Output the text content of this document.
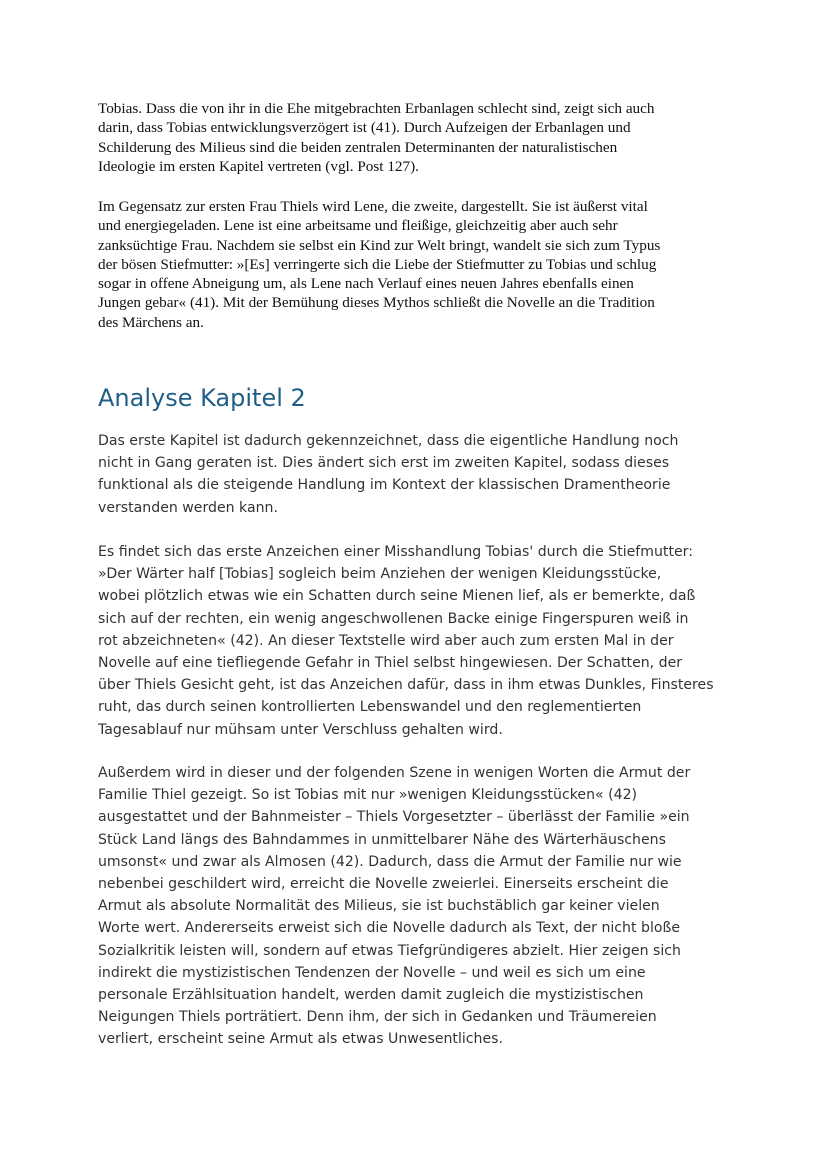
Tobias. Dass die von ihr in die Ehe mitgebrachten Erbanlagen schlecht sind, zeigt sich auch
darin, dass Tobias entwicklungsverzögert ist (41). Durch Aufzeigen der Erbanlagen und
Schilderung des Milieus sind die beiden zentralen Determinanten der naturalistischen
Ideologie im ersten Kapitel vertreten (vgl. Post 127).

Im Gegensatz zur ersten Frau Thiels wird Lene, die zweite, dargestellt. Sie ist äußerst vital
und energiegeladen. Lene ist eine arbeitsame und fleißige, gleichzeitig aber auch sehr
zanksüchtige Frau. Nachdem sie selbst ein Kind zur Welt bringt, wandelt sie sich zum Typus
der bösen Stiefmutter: »[Es] verringerte sich die Liebe der Stiefmutter zu Tobias und schlug
sogar in offene Abneigung um, als Lene nach Verlauf eines neuen Jahres ebenfalls einen
Jungen gebar« (41). Mit der Bemühung dieses Mythos schließt die Novelle an die Tradition
des Märchens an.

Analyse Kapitel 2

Das erste Kapitel ist dadurch gekennzeichnet, dass die eigentliche Handlung noch
nicht in Gang geraten ist. Dies ändert sich erst im zweiten Kapitel, sodass dieses
funktional als die steigende Handlung im Kontext der klassischen Dramentheorie
verstanden werden kann.

Es findet sich das erste Anzeichen einer Misshandlung Tobias' durch die Stiefmutter:
»Der Wärter half [Tobias] sogleich beim Anziehen der wenigen Kleidungsstücke,
wobei plötzlich etwas wie ein Schatten durch seine Mienen lief, als er bemerkte, daß
sich auf der rechten, ein wenig angeschwollenen Backe einige Fingerspuren weiß in
rot abzeichneten« (42). An dieser Textstelle wird aber auch zum ersten Mal in der
Novelle auf eine tiefliegende Gefahr in Thiel selbst hingewiesen. Der Schatten, der
über Thiels Gesicht geht, ist das Anzeichen dafür, dass in ihm etwas Dunkles, Finsteres
ruht, das durch seinen kontrollierten Lebenswandel und den reglementierten
Tagesablauf nur mühsam unter Verschluss gehalten wird.

Außerdem wird in dieser und der folgenden Szene in wenigen Worten die Armut der
Familie Thiel gezeigt. So ist Tobias mit nur »wenigen Kleidungsstücken« (42)
ausgestattet und der Bahnmeister – Thiels Vorgesetzter – überlässt der Familie »ein
Stück Land längs des Bahndammes in unmittelbarer Nähe des Wärterhäuschens
umsonst« und zwar als Almosen (42). Dadurch, dass die Armut der Familie nur wie
nebenbei geschildert wird, erreicht die Novelle zweierlei. Einerseits erscheint die
Armut als absolute Normalität des Milieus, sie ist buchstäblich gar keiner vielen
Worte wert. Andererseits erweist sich die Novelle dadurch als Text, der nicht bloße
Sozialkritik leisten will, sondern auf etwas Tiefgründigeres abzielt. Hier zeigen sich
indirekt die mystizistischen Tendenzen der Novelle – und weil es sich um eine
personale Erzählsituation handelt, werden damit zugleich die mystizistischen
Neigungen Thiels porträtiert. Denn ihm, der sich in Gedanken und Träumereien
verliert, erscheint seine Armut als etwas Unwesentliches.
